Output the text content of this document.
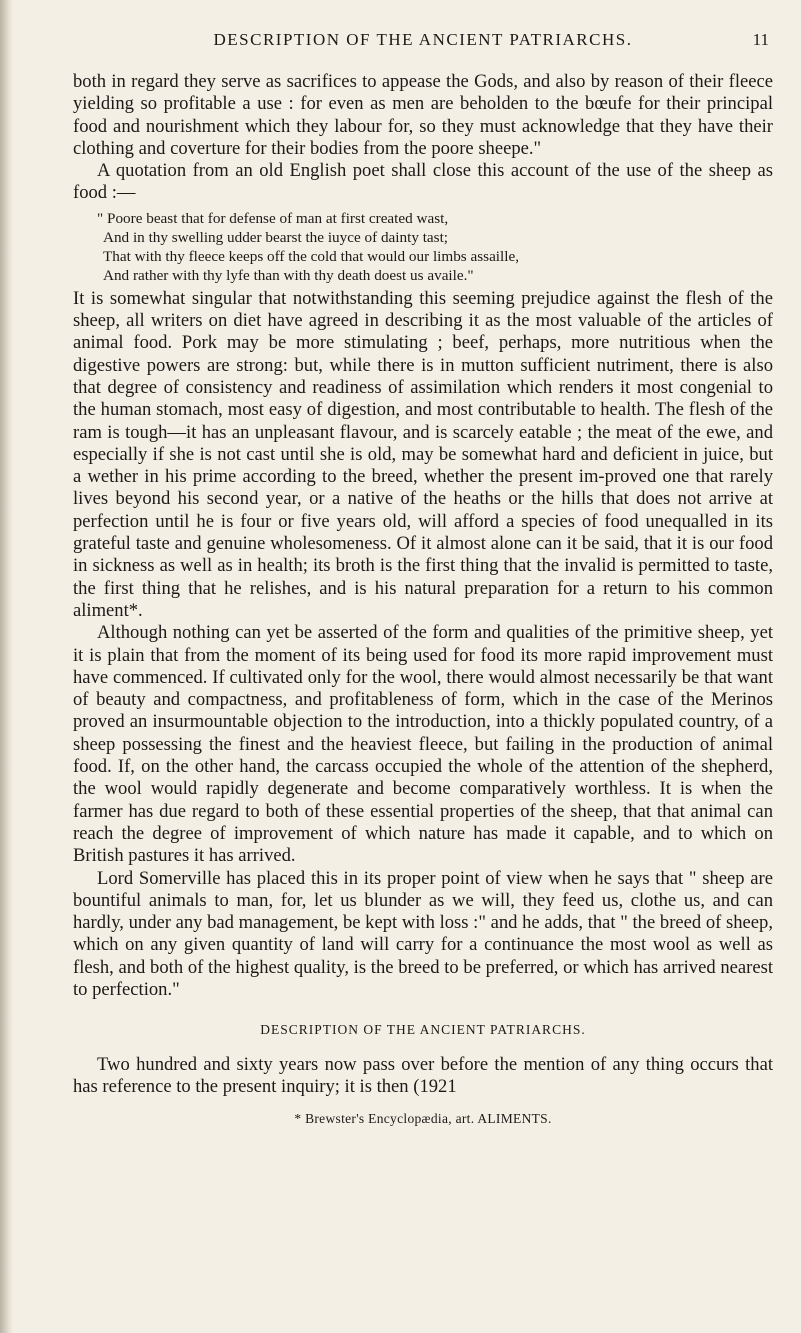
DESCRIPTION OF THE ANCIENT PATRIARCHS.	11

both in regard they serve as sacrifices to appease the Gods, and also by reason of their fleece yielding so profitable a use : for even as men are beholden to the bœufe for their principal food and nourishment which they labour for, so they must acknowledge that they have their clothing and coverture for their bodies from the poore sheepe."

A quotation from an old English poet shall close this account of the use of the sheep as food :—

" Poore beast that for defense of man at first created wast,
And in thy swelling udder bearst the iuyce of dainty tast;
That with thy fleece keeps off the cold that would our limbs assaille,
And rather with thy lyfe than with thy death doest us availe."

It is somewhat singular that notwithstanding this seeming prejudice against the flesh of the sheep, all writers on diet have agreed in describing it as the most valuable of the articles of animal food. Pork may be more stimulating ; beef, perhaps, more nutritious when the digestive powers are strong: but, while there is in mutton sufficient nutriment, there is also that degree of consistency and readiness of assimilation which renders it most congenial to the human stomach, most easy of digestion, and most contributable to health. The flesh of the ram is tough—it has an unpleasant flavour, and is scarcely eatable ; the meat of the ewe, and especially if she is not cast until she is old, may be somewhat hard and deficient in juice, but a wether in his prime according to the breed, whether the present im-proved one that rarely lives beyond his second year, or a native of the heaths or the hills that does not arrive at perfection until he is four or five years old, will afford a species of food unequalled in its grateful taste and genuine wholesomeness. Of it almost alone can it be said, that it is our food in sickness as well as in health; its broth is the first thing that the invalid is permitted to taste, the first thing that he relishes, and is his natural preparation for a return to his common aliment*.

Although nothing can yet be asserted of the form and qualities of the primitive sheep, yet it is plain that from the moment of its being used for food its more rapid improvement must have commenced. If cultivated only for the wool, there would almost necessarily be that want of beauty and compactness, and profitableness of form, which in the case of the Merinos proved an insurmountable objection to the introduction, into a thickly populated country, of a sheep possessing the finest and the heaviest fleece, but failing in the production of animal food. If, on the other hand, the carcass occupied the whole of the attention of the shepherd, the wool would rapidly degenerate and become comparatively worthless. It is when the farmer has due regard to both of these essential properties of the sheep, that that animal can reach the degree of improvement of which nature has made it capable, and to which on British pastures it has arrived.

Lord Somerville has placed this in its proper point of view when he says that " sheep are bountiful animals to man, for, let us blunder as we will, they feed us, clothe us, and can hardly, under any bad management, be kept with loss :" and he adds, that " the breed of sheep, which on any given quantity of land will carry for a continuance the most wool as well as flesh, and both of the highest quality, is the breed to be preferred, or which has arrived nearest to perfection."

DESCRIPTION OF THE ANCIENT PATRIARCHS.

Two hundred and sixty years now pass over before the mention of any thing occurs that has reference to the present inquiry; it is then (1921

* Brewster's Encyclopædia, art. ALIMENTS.
